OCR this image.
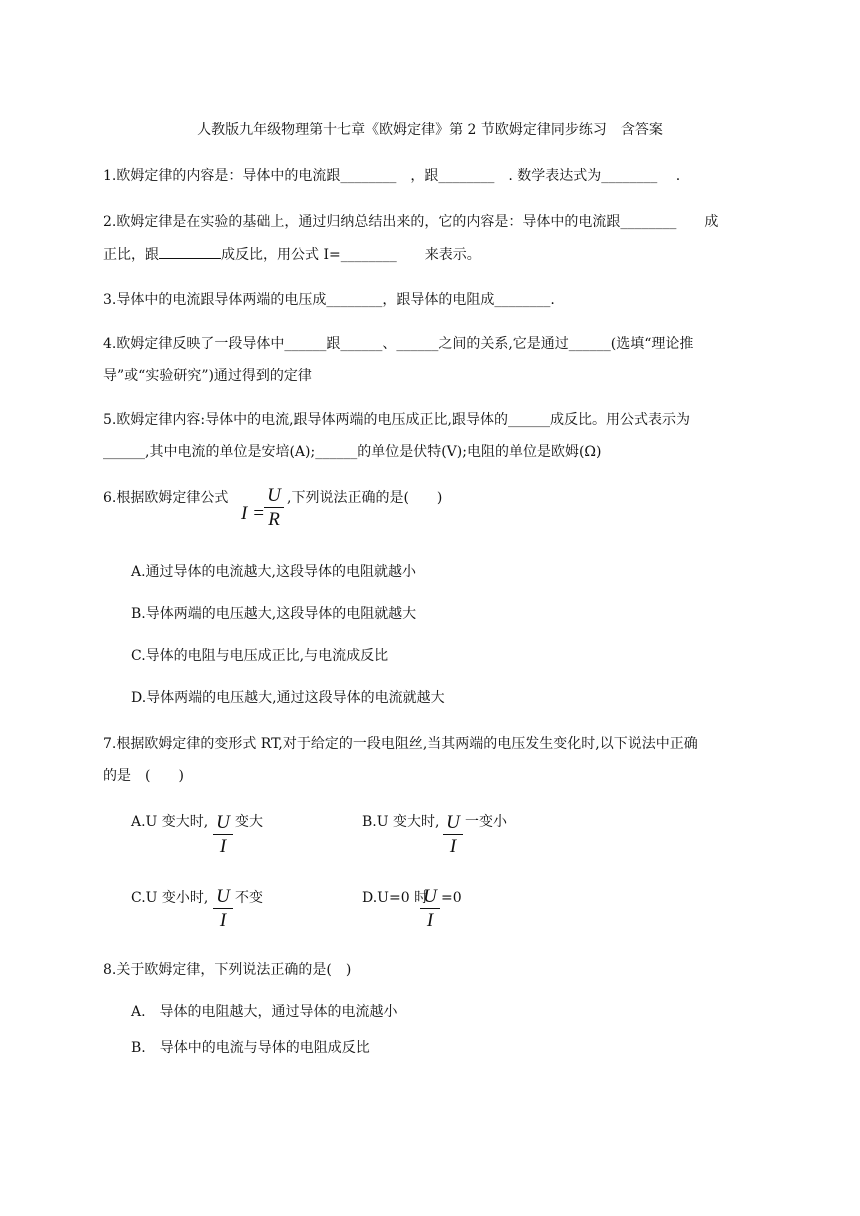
人教版九年级物理第十七章《欧姆定律》第 2 节欧姆定律同步练习　含答案
1.欧姆定律的内容是：导体中的电流跟________　，跟________　. 数学表达式为________　 .
2.欧姆定律是在实验的基础上，通过归纳总结出来的，它的内容是：导体中的电流跟________　　成
正比，跟	成反比，用公式 I=________　　来表示。
3.导体中的电流跟导体两端的电压成________，跟导体的电阻成________.
4.欧姆定律反映了一段导体中______跟______、______之间的关系,它是通过______(选填“理论推
导”或“实验研究”)通过得到的定律
5.欧姆定律内容:导体中的电流,跟导体两端的电压成正比,跟导体的______成反比。用公式表示为
______,其中电流的单位是安培(A);______的单位是伏特(V);电阻的单位是欧姆(Ω)
6.根据欧姆定律公式
I =
U
R
,下列说法正确的是(　　)
A.通过导体的电流越大,这段导体的电阻就越小
B.导体两端的电压越大,这段导体的电阻就越大
C.导体的电阻与电压成正比,与电流成反比
D.导体两端的电压越大,通过这段导体的电流就越大
7.根据欧姆定律的变形式 RT,对于给定的一段电阻丝,当其两端的电压发生变化时,以下说法中正确
的是　(　　)
A.U 变大时, U
I
变大	B.U 变大时, U
I
一变小
C.U 变小时, U
I
不变	D.U=0 时
U
I
=0
8.关于欧姆定律，下列说法正确的是(　)
A.　导体的电阻越大，通过导体的电流越小
B.　导体中的电流与导体的电阻成反比
